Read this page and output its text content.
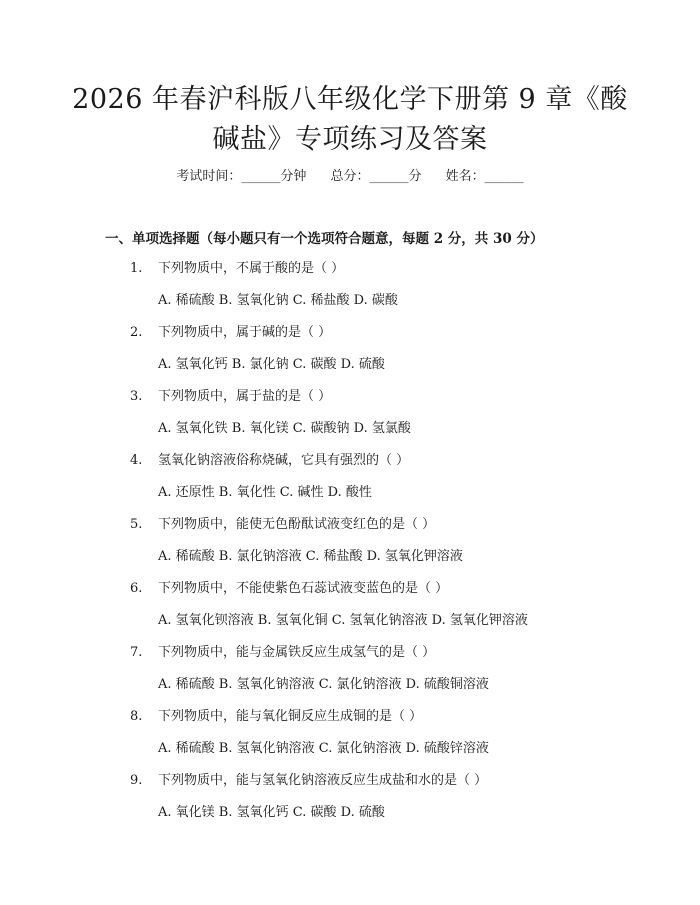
2026 年春沪科版八年级化学下册第 9 章《酸
碱盐》专项练习及答案
考试时间：______分钟 总分：______分 姓名：______
一、单项选择题（每小题只有一个选项符合题意，每题 2 分，共 30 分）
1. 下列物质中，不属于酸的是（ ）
A. 稀硫酸 B. 氢氧化钠 C. 稀盐酸 D. 碳酸
2. 下列物质中，属于碱的是（ ）
A. 氢氧化钙 B. 氯化钠 C. 碳酸 D. 硫酸
3. 下列物质中，属于盐的是（ ）
A. 氢氧化铁 B. 氧化镁 C. 碳酸钠 D. 氢氯酸
4. 氢氧化钠溶液俗称烧碱，它具有强烈的（ ）
A. 还原性 B. 氧化性 C. 碱性 D. 酸性
5. 下列物质中，能使无色酚酞试液变红色的是（ ）
A. 稀硫酸 B. 氯化钠溶液 C. 稀盐酸 D. 氢氧化钾溶液
6. 下列物质中，不能使紫色石蕊试液变蓝色的是（ ）
A. 氢氧化钡溶液 B. 氢氧化铜 C. 氢氧化钠溶液 D. 氢氧化钾溶液
7. 下列物质中，能与金属铁反应生成氢气的是（ ）
A. 稀硫酸 B. 氢氧化钠溶液 C. 氯化钠溶液 D. 硫酸铜溶液
8. 下列物质中，能与氧化铜反应生成铜的是（ ）
A. 稀硫酸 B. 氢氧化钠溶液 C. 氯化钠溶液 D. 硫酸锌溶液
9. 下列物质中，能与氢氧化钠溶液反应生成盐和水的是（ ）
A. 氧化镁 B. 氢氧化钙 C. 碳酸 D. 硫酸
